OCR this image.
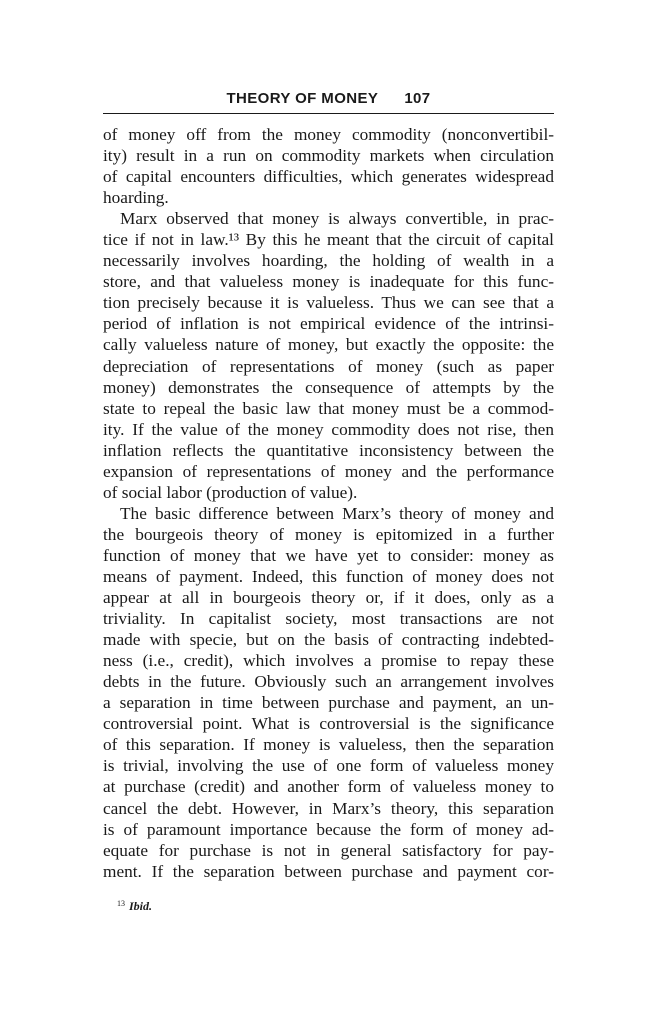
THEORY OF MONEY 107

of money off from the money commodity (nonconvertibil-

ity) result in a run on commodity markets when circulation

of capital encounters difficulties, which generates widespread

hoarding.

Marx observed that money is always convertible, in prac-

tice if not in law.¹³ By this he meant that the circuit of capital

necessarily involves hoarding, the holding of wealth in a

store, and that valueless money is inadequate for this func-

tion precisely because it is valueless. Thus we can see that a

period of inflation is not empirical evidence of the intrinsi-

cally valueless nature of money, but exactly the opposite: the

depreciation of representations of money (such as paper

money) demonstrates the consequence of attempts by the

state to repeal the basic law that money must be a commod-

ity. If the value of the money commodity does not rise, then

inflation reflects the quantitative inconsistency between the

expansion of representations of money and the performance

of social labor (production of value).

The basic difference between Marx’s theory of money and

the bourgeois theory of money is epitomized in a further

function of money that we have yet to consider: money as

means of payment. Indeed, this function of money does not

appear at all in bourgeois theory or, if it does, only as a

triviality. In capitalist society, most transactions are not

made with specie, but on the basis of contracting indebted-

ness (i.e., credit), which involves a promise to repay these

debts in the future. Obviously such an arrangement involves

a separation in time between purchase and payment, an un-

controversial point. What is controversial is the significance

of this separation. If money is valueless, then the separation

is trivial, involving the use of one form of valueless money

at purchase (credit) and another form of valueless money to

cancel the debt. However, in Marx’s theory, this separation

is of paramount importance because the form of money ad-

equate for purchase is not in general satisfactory for pay-

ment. If the separation between purchase and payment cor-

$^{13}$ Ibid.
